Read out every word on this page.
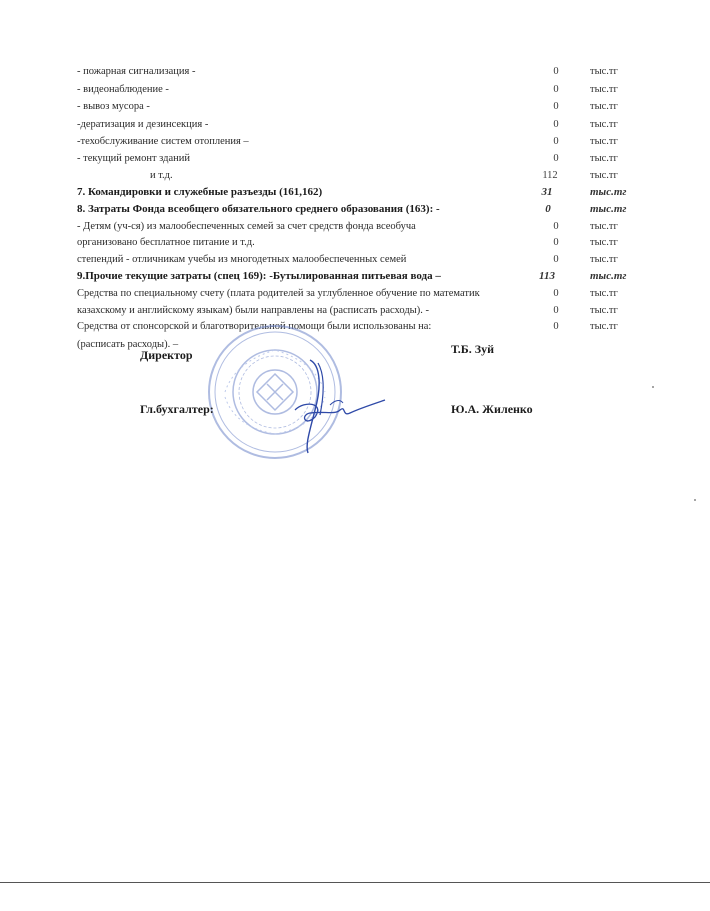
- пожарная сигнализация -	0	тыс.тг
- видеонаблюдение -	0	тыс.тг
- вывоз мусора -	0	тыс.тг
-дератизация и дезинсекция -	0	тыс.тг
-техобслуживание систем отопления –	0	тыс.тг
- текущий ремонт зданий	0	тыс.тг
и т.д.	112	тыс.тг
7. Командировки и служебные разъезды (161,162)	31	тыс.тг
8. Затраты Фонда всеобщего обязательного среднего образования (163): -	0	тыс.тг
- Детям (уч-ся) из малообеспеченных семей за счет средств фонда всеобуча	0	тыс.тг
организовано бесплатное питание и т.д.	0	тыс.тг
степендий - отличникам учебы из многодетных малообеспеченных семей	0	тыс.тг
9.Прочие текущие затраты (спец 169): -Бутылированная питьевая вода –	113	тыс.тг
Средства по специальному счету (плата родителей за углубленное обучение по математик	0	тыс.тг
казахскому и английскому языкам) были направлены на (расписать расходы). -	0	тыс.тг
Средства от спонсорской и благотворительной помощи были использованы на:	0	тыс.тг
(расписать расходы). –
Директор	Т.Б. Зуй
Гл.бухгалтер:	Ю.А. Жиленко
